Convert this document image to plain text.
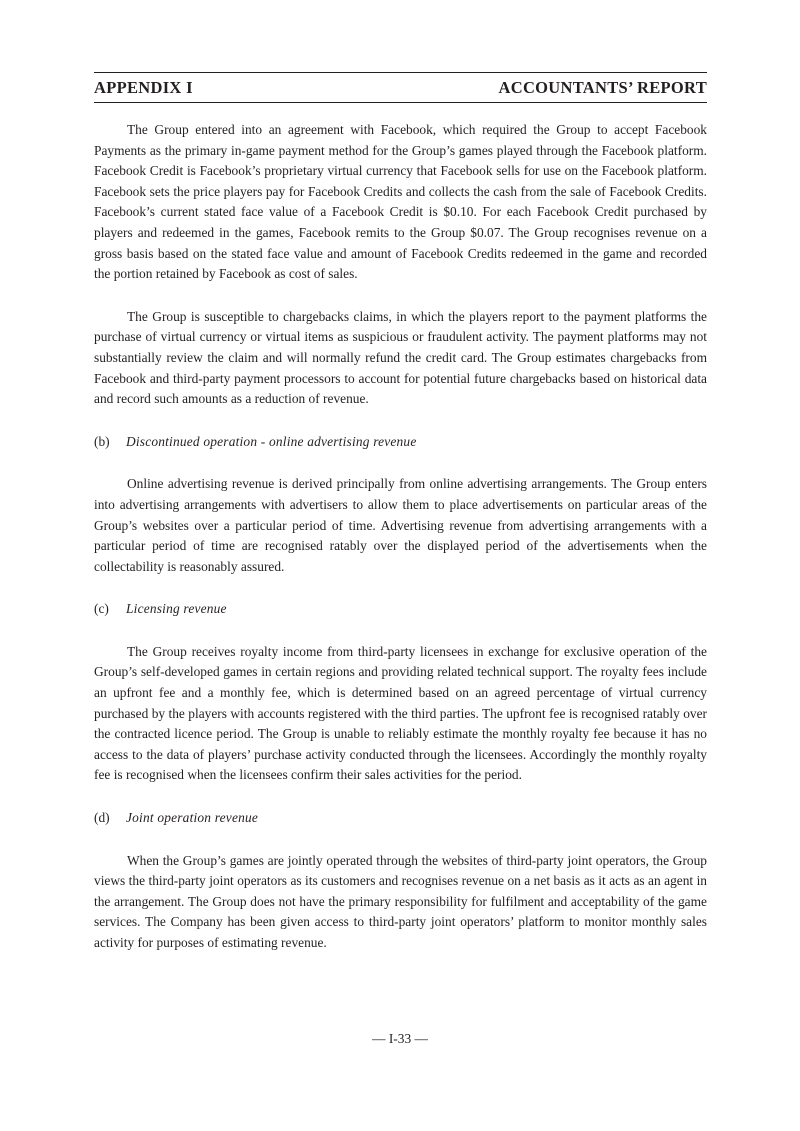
APPENDIX I	ACCOUNTANTS’ REPORT

The Group entered into an agreement with Facebook, which required the Group to accept Facebook Payments as the primary in-game payment method for the Group’s games played through the Facebook platform. Facebook Credit is Facebook’s proprietary virtual currency that Facebook sells for use on the Facebook platform. Facebook sets the price players pay for Facebook Credits and collects the cash from the sale of Facebook Credits. Facebook’s current stated face value of a Facebook Credit is $0.10. For each Facebook Credit purchased by players and redeemed in the games, Facebook remits to the Group $0.07. The Group recognises revenue on a gross basis based on the stated face value and amount of Facebook Credits redeemed in the game and recorded the portion retained by Facebook as cost of sales.

The Group is susceptible to chargebacks claims, in which the players report to the payment platforms the purchase of virtual currency or virtual items as suspicious or fraudulent activity. The payment platforms may not substantially review the claim and will normally refund the credit card. The Group estimates chargebacks from Facebook and third-party payment processors to account for potential future chargebacks based on historical data and record such amounts as a reduction of revenue.

(b) Discontinued operation - online advertising revenue

Online advertising revenue is derived principally from online advertising arrangements. The Group enters into advertising arrangements with advertisers to allow them to place advertisements on particular areas of the Group’s websites over a particular period of time. Advertising revenue from advertising arrangements with a particular period of time are recognised ratably over the displayed period of the advertisements when the collectability is reasonably assured.

(c) Licensing revenue

The Group receives royalty income from third-party licensees in exchange for exclusive operation of the Group’s self-developed games in certain regions and providing related technical support. The royalty fees include an upfront fee and a monthly fee, which is determined based on an agreed percentage of virtual currency purchased by the players with accounts registered with the third parties. The upfront fee is recognised ratably over the contracted licence period. The Group is unable to reliably estimate the monthly royalty fee because it has no access to the data of players’ purchase activity conducted through the licensees. Accordingly the monthly royalty fee is recognised when the licensees confirm their sales activities for the period.

(d) Joint operation revenue

When the Group’s games are jointly operated through the websites of third-party joint operators, the Group views the third-party joint operators as its customers and recognises revenue on a net basis as it acts as an agent in the arrangement. The Group does not have the primary responsibility for fulfilment and acceptability of the game services. The Company has been given access to third-party joint operators’ platform to monitor monthly sales activity for purposes of estimating revenue.

— I-33 —
